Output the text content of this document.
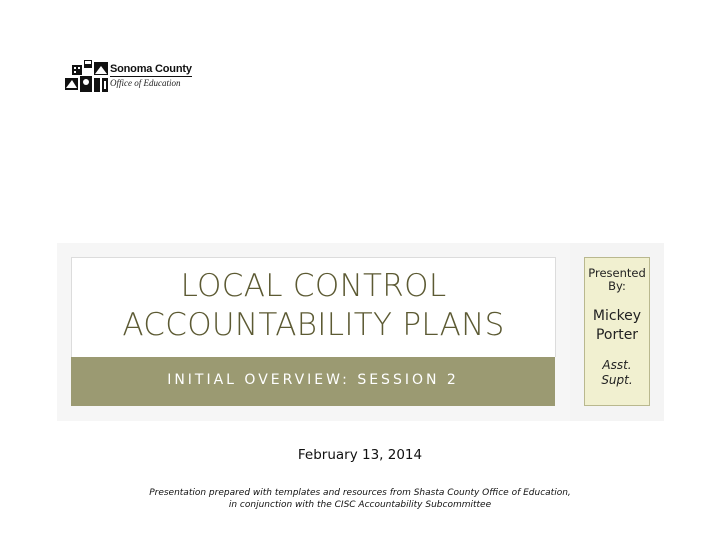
Sonoma County
Office of Education
LOCAL CONTROL
ACCOUNTABILITY PLANS
INITIAL OVERVIEW: SESSION 2
Presented By:
Mickey
Porter
Asst.
Supt.
February 13, 2014
Presentation prepared with templates and resources from Shasta County Office of Education,
in conjunction with the CISC Accountability Subcommittee
